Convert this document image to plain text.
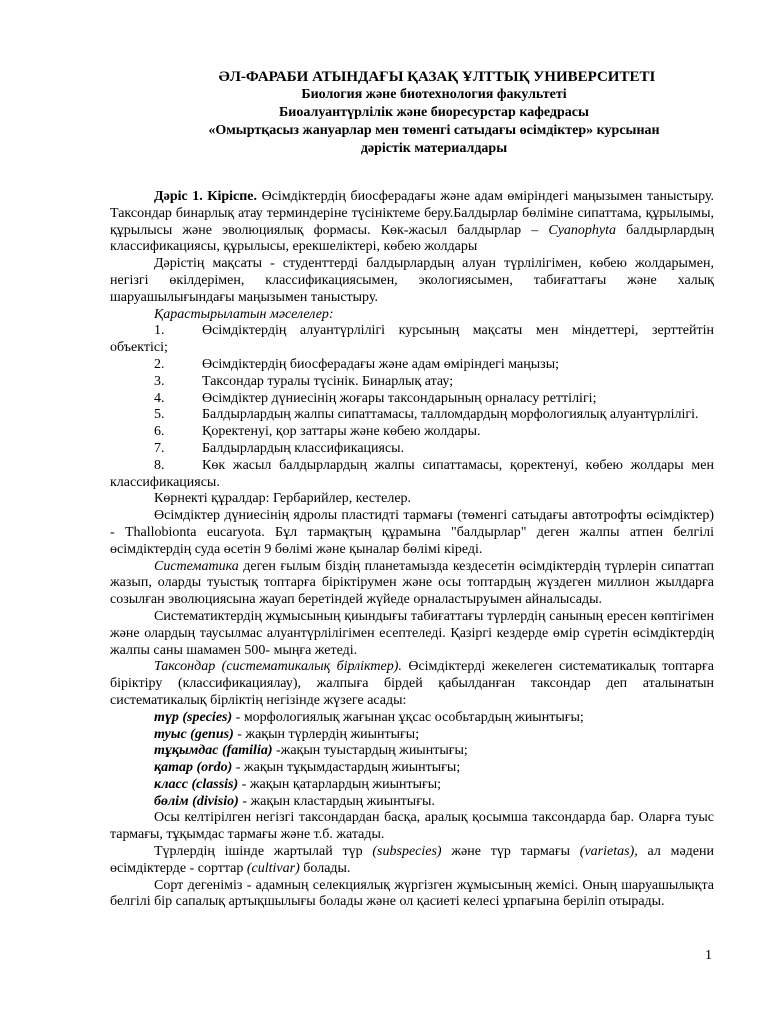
ӘЛ-ФАРАБИ АТЫНДАҒЫ ҚАЗАҚ ҰЛТТЫҚ УНИВЕРСИТЕТІ

Биология және биотехнология факультеті

Биоалуантүрлілік және биоресурстар кафедрасы

«Омыртқасыз жануарлар мен төменгі сатыдағы өсімдіктер» курсынан

дәрістік материалдары

Дәріс 1. Кіріспе. Өсімдіктердің биосферадағы және адам өміріндегі маңызымен таныстыру. Таксондар бинарлық атау терминдеріне түсініктеме беру.Балдырлар бөліміне сипаттама, құрылымы, құрылысы және эволюциялық формасы. Көк-жасыл балдырлар – Cyanophyta балдырлардың классификациясы, құрылысы, ерекшеліктері, көбею жолдары

Дәрістің мақсаты - студенттерді балдырлардың алуан түрлілігімен, көбею жолдарымен, негізгі өкілдерімен, классификациясымен, экологиясымен, табиғаттағы және халық шаруашылығындағы маңызымен таныстыру.

Қарастырылатын мәселелер:

1.	Өсімдіктердің алуантүрлілігі курсының мақсаты мен міндеттері, зерттейтін объектісі;

2.	Өсімдіктердің биосферадағы және адам өміріндегі маңызы;

3.	Таксондар туралы түсінік. Бинарлық атау;

4.	Өсімдіктер дүниесінің жоғары таксондарының орналасу реттілігі;

5.	Балдырлардың жалпы сипаттамасы, талломдардың морфологиялық алуантүрлілігі.

6.	Қоректенуі, қор заттары және көбею жолдары.

7.	Балдырлардың классификациясы.

8.	Көк жасыл балдырлардың жалпы сипаттамасы, қоректенуі, көбею жолдары мен классификациясы.

Көрнекті құралдар: Гербарийлер, кестелер.

Өсімдіктер дүниесінің ядролы пластидті тармағы (төменгі сатыдағы автотрофты өсімдіктер) - Thallobionta eucaryota. Бұл тармақтың құрамына "балдырлар" деген жалпы атпен белгілі өсімдіктердің суда өсетін 9 бөлімі және қыналар бөлімі кіреді.

Систематика деген ғылым біздің планетамызда кездесетін өсімдіктердің түрлерін сипаттап жазып, оларды туыстық топтарға біріктірумен және осы топтардың жүздеген миллион жылдарға созылған эволюциясына жауап беретіндей жүйеде орналастыруымен айналысады.

Систематиктердің жұмысының қиындығы табиғаттағы түрлердің санының ересен көптігімен және олардың таусылмас алуантүрлілігімен есептеледі. Қазіргі кездерде өмір сүретін өсімдіктердің жалпы саны шамамен 500- мыңға жетеді.

Таксондар (систематикалық бірліктер). Өсімдіктерді жекелеген систематикалық топтарға біріктіру (классификациялау), жалпыға бірдей қабылданған таксондар деп аталынатын систематикалық бірліктің негізінде жүзеге асады:

түр (species) - морфологиялық жағынан ұқсас особьтардың жиынтығы;

туыс (genus) - жақын түрлердің жиынтығы;

тұқымдас (familia) -жақын туыстардың жиынтығы;

қатар (ordo) - жақын тұқымдастардың жиынтығы;

класс (classis) - жақын қатарлардың жиынтығы;

бөлім (divisio) - жақын кластардың жиынтығы.

Осы келтірілген негізгі таксондардан басқа, аралық қосымша таксондарда бар. Оларға туыс тармағы, тұқымдас тармағы және т.б. жатады.

Түрлердің ішінде жартылай түр (subspecies) және түр тармағы (varietas), ал мәдени өсімдіктерде - сорттар (cultivar) болады.

Сорт дегеніміз - адамның селекциялық жүргізген жұмысының жемісі. Оның шаруашылықта белгілі бір сапалық артықшылығы болады және ол қасиеті келесі ұрпағына беріліп отырады.

1
